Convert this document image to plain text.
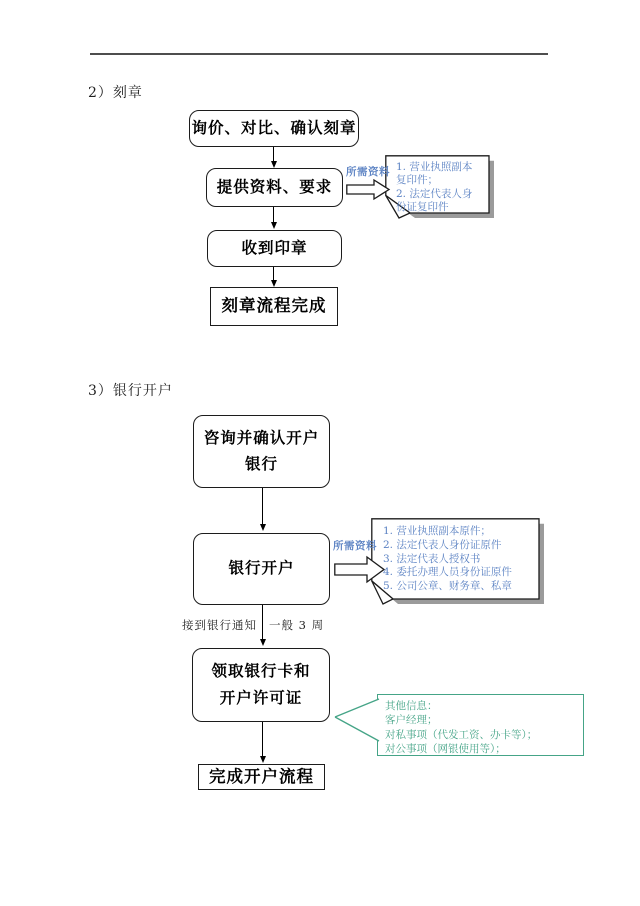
2）刻章
询价、对比、确认刻章
提供资料、要求
1. 营业执照副本
复印件；
2. 法定代表人身
份证复印件
所需资料
收到印章
刻章流程完成
3）银行开户
咨询并确认开户
银行
银行开户
1. 营业执照副本原件；
2. 法定代表人身份证原件
3. 法定代表人授权书
4. 委托办理人员身份证原件
5. 公司公章、财务章、私章
所需资料
接到银行通知 一般 3 周
领取银行卡和
开户许可证	其他信息：
客户经理；
对私事项（代发工资、办卡等）；
对公事项（网银使用等）；
完成开户流程
